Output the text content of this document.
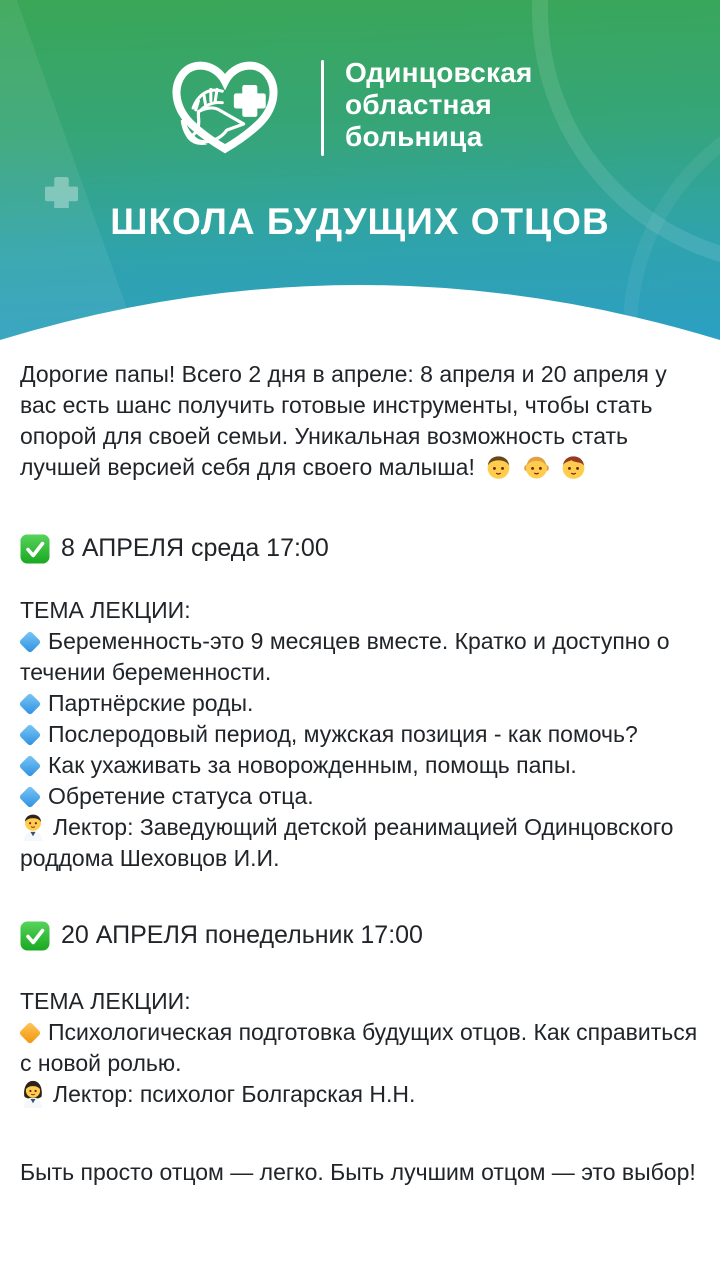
Одинцовская
областная
больница
ШКОЛА БУДУЩИХ ОТЦОВ

Дорогие папы! Всего 2 дня в апреле: 8 апреля и 20 апреля у вас есть шанс получить готовые инструменты, чтобы стать опорой для своей семьи. Уникальная возможность стать лучшей версией себя для своего малыша!

8 АПРЕЛЯ среда 17:00
ТЕМА ЛЕКЦИИ:
Беременность-это 9 месяцев вместе. Кратко и доступно о течении беременности.
Партнёрские роды.
Послеродовый период, мужская позиция - как помочь?
Как ухаживать за новорожденным, помощь папы.
Обретение статуса отца.
Лектор: Заведующий детской реанимацией Одинцовского роддома Шеховцов И.И.
20 АПРЕЛЯ понедельник 17:00
ТЕМА ЛЕКЦИИ:
Психологическая подготовка будущих отцов. Как справиться с новой ролью.
Лектор: психолог Болгарская Н.Н.

Быть просто отцом — легко. Быть лучшим отцом — это выбор!
